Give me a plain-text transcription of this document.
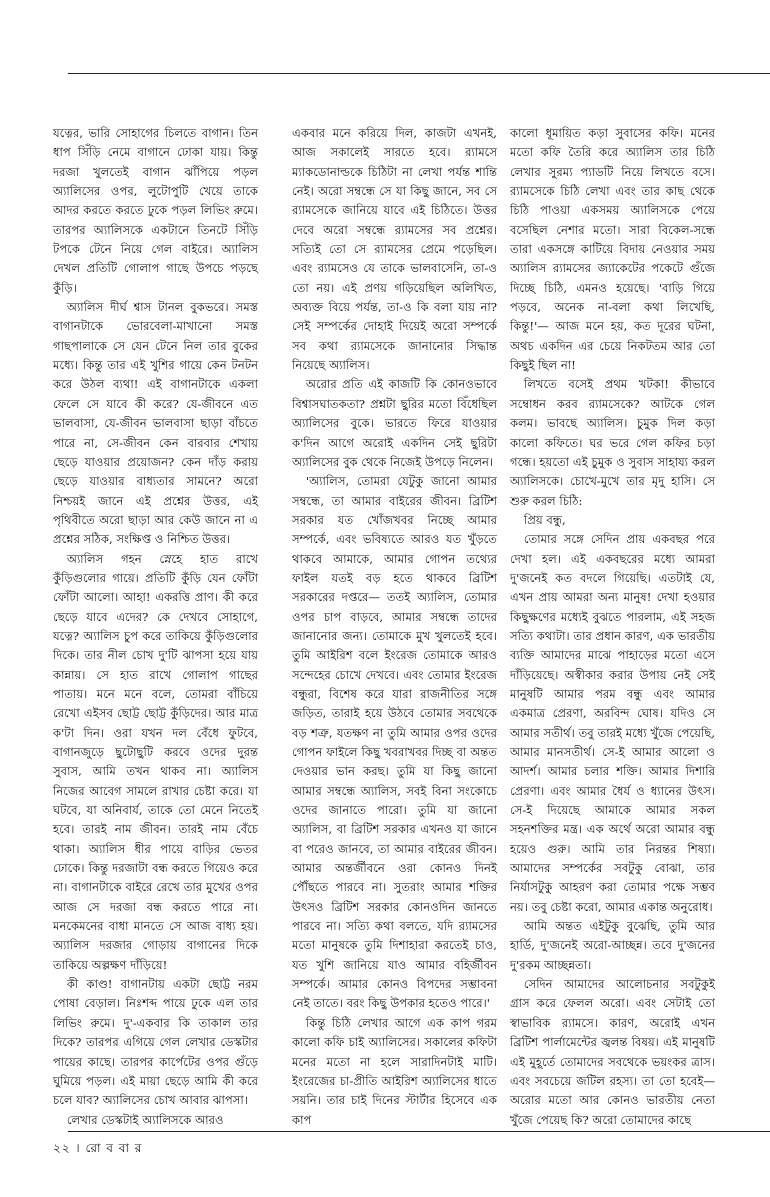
যত্নের, ভারি সোহাগের চিলতে বাগান। তিন ধাপ সিঁড়ি নেমে বাগানে ঢোকা যায়। কিন্তু দরজা খুলতেই বাগান ঝাঁপিয়ে পড়ল অ্যালিসের ওপর, লুটোপুটি খেয়ে তাকে আদর করতে করতে ঢুকে পড়ল লিভিং রুমে। তারপর অ্যালিসকে একটানে তিনটে সিঁড়ি টপকে টেনে নিয়ে গেল বাইরে। অ্যালিস দেখল প্রতিটি গোলাপ গাছে উপচে পড়ছে কুঁড়ি।

অ্যালিস দীর্ঘ শ্বাস টানল বুকভরে। সমস্ত বাগানটাকে ভোরবেলা-মাখানো সমস্ত গাছপালাকে সে যেন টেনে নিল তার বুকের মধ্যে। কিন্তু তার এই খুশির গায়ে কেন টনটন করে উঠল ব্যথা! এই বাগানটাকে একলা ফেলে সে যাবে কী করে? যে-জীবনে এত ভালবাসা, যে-জীবন ভালবাসা ছাড়া বাঁচতে পারে না, সে-জীবন কেন বারবার শেখায় ছেড়ে যাওয়ার প্রয়োজন? কেন দাঁড় করায় ছেড়ে যাওয়ার বাধ্যতার সামনে? অরো নিশ্চয়ই জানে এই প্রশ্নের উত্তর, এই পৃথিবীতে অরো ছাড়া আর কেউ জানে না এ প্রশ্নের সঠিক, সংক্ষিপ্ত ও নিশ্চিত উত্তর।

অ্যালিস গহন স্নেহে হাত রাখে কুঁড়িগুলোর গায়ে। প্রতিটি কুঁড়ি যেন ফোঁটা ফোঁটা আলো। আহা! একরত্তি প্রাণ। কী করে ছেড়ে যাবে এদের? কে দেখবে সোহাগে, যত্নে? অ্যালিস চুপ করে তাকিয়ে কুঁড়িগুলোর দিকে। তার নীল চোখ দু'টি ঝাপসা হয়ে যায় কান্নায়। সে হাত রাখে গোলাপ গাছের পাতায়। মনে মনে বলে, তোমরা বাঁচিয়ে রেখো এইসব ছোট্ট ছোট্ট কুঁড়িদের। আর মাত্র ক'টা দিন। ওরা যখন দল বেঁধে ফুটবে, বাগানজুড়ে ছুটোছুটি করবে ওদের দুরন্ত সুবাস, আমি তখন থাকব না। অ্যালিস নিজের আবেগ সামলে রাখার চেষ্টা করে। যা ঘটবে, যা অনিবার্য, তাকে তো মেনে নিতেই হবে। তারই নাম জীবন। তারই নাম বেঁচে থাকা। অ্যালিস ধীর পায়ে বাড়ির ভেতর ঢোকে। কিন্তু দরজাটা বন্ধ করতে গিয়েও করে না। বাগানটাকে বাইরে রেখে তার মুখের ওপর আজ সে দরজা বন্ধ করতে পারে না। মনকেমনের বাধা মানতে সে আজ বাধ্য হয়। অ্যালিস দরজার গোড়ায় বাগানের দিকে তাকিয়ে অল্পক্ষণ দাঁড়িয়ে!

কী কাণ্ড! বাগানটায় একটা ছোট্ট নরম পোষা বেড়াল। নিঃশব্দ পায়ে ঢুকে এল তার লিভিং রুমে। দু'-একবার কি তাকাল তার দিকে? তারপর এগিয়ে গেল লেখার ডেস্কটার পায়ের কাছে। তারপর কার্পেটের ওপর গুঁড়ে ঘুমিয়ে পড়ল। এই মায়া ছেড়ে আমি কী করে চলে যাব? অ্যালিসের চোখ আবার ঝাপসা।

লেখার ডেস্কটাই অ্যালিসকে আরও

একবার মনে করিয়ে দিল, কাজটা এখনই, আজ সকালেই সারতে হবে। র‍্যামসে ম্যাকডোনাল্ডকে চিঠিটা না লেখা পর্যন্ত শান্তি নেই। অরো সম্বন্ধে সে যা কিছু জানে, সব সে র‍্যামসেকে জানিয়ে যাবে এই চিঠিতে। উত্তর দেবে অরো সম্বন্ধে র‍্যামসের সব প্রশ্নের। সত্যিই তো সে র‍্যামসের প্রেমে পড়েছিল। এবং র‍্যামসেও যে তাকে ভালবাসেনি, তা-ও তো নয়। এই প্রণয় গড়িয়েছিল অলিখিত, অব্যক্ত বিয়ে পর্যন্ত, তা-ও কি বলা যায় না? সেই সম্পর্কের দোহাই দিয়েই অরো সম্পর্কে সব কথা র‍্যামসেকে জানানোর সিদ্ধান্ত নিয়েছে অ্যালিস।

অরোর প্রতি এই কাজটি কি কোনওভাবে বিশ্বাসঘাতকতা? প্রশ্নটা ছুরির মতো বিঁধেছিল অ্যালিসের বুকে। ভারতে ফিরে যাওয়ার ক'দিন আগে অরোই একদিন সেই ছুরিটা অ্যালিসের বুক থেকে নিজেই উপড়ে নিলেন।

'অ্যালিস, তোমরা যেটুকু জানো আমার সম্বন্ধে, তা আমার বাইরের জীবন। ব্রিটিশ সরকার যত খোঁজখবর নিচ্ছে আমার সম্পর্কে, এবং ভবিষ্যতে আরও যত খুঁড়তে থাকবে আমাকে, আমার গোপন তথ্যের ফাইল যতই বড় হতে থাকবে ব্রিটিশ সরকারের দপ্তরে— ততই অ্যালিস, তোমার ওপর চাপ বাড়বে, আমার সম্বন্ধে তাদের জানানোর জন্য। তোমাকে মুখ খুলতেই হবে। তুমি আইরিশ বলে ইংরেজ তোমাকে আরও সন্দেহের চোখে দেখবে। এবং তোমার ইংরেজ বন্ধুরা, বিশেষ করে যারা রাজনীতির সঙ্গে জড়িত, তারাই হয়ে উঠবে তোমার সবথেকে বড় শত্রু, যতক্ষণ না তুমি আমার ওপর ওদের গোপন ফাইলে কিছু খবরাখবর দিচ্ছ বা অন্তত দেওয়ার ভান করছ। তুমি যা কিছু জানো আমার সম্বন্ধে অ্যালিস, সবই বিনা সংকোচে ওদের জানাতে পারো। তুমি যা জানো অ্যালিস, বা ব্রিটিশ সরকার এখনও যা জানে বা পরেও জানবে, তা আমার বাইরের জীবন। আমার অন্তর্জীবনে ওরা কোনও দিনই পৌঁছতে পারবে না। সুতরাং আমার শক্তির উৎসও ব্রিটিশ সরকার কোনওদিন জানতে পারবে না। সত্যি কথা বলতে, যদি র‍্যামসের মতো মানুষকে তুমি দিশাহারা করতেই চাও, যত খুশি জানিয়ে যাও আমার বহির্জীবন সম্পর্কে। আমার কোনও বিপদের সম্ভাবনা নেই তাতে। বরং কিছু উপকার হতেও পারে।'

কিন্তু চিঠি লেখার আগে এক কাপ গরম কালো কফি চাই অ্যালিসের। সকালের কফিটা মনের মতো না হলে সারাদিনটাই মাটি। ইংরেজের চা-প্রীতি আইরিশ অ্যালিসের ধাতে সয়নি। তার চাই দিনের স্টার্টার হিসেবে এক কাপ

কালো ধূমায়িত কড়া সুবাসের কফি। মনের মতো কফি তৈরি করে অ্যালিস তার চিঠি লেখার সুরম্য প্যাডটি নিয়ে লিখতে বসে। র‍্যামসেকে চিঠি লেখা এবং তার কাছ থেকে চিঠি পাওয়া একসময় অ্যালিসকে পেয়ে বসেছিল নেশার মতো। সারা বিকেল-সন্ধে তারা একসঙ্গে কাটিয়ে বিদায় নেওয়ার সময় অ্যালিস র‍্যামসের জ্যাকেটের পকেটে গুঁজে দিচ্ছে চিঠি, এমনও হয়েছে। 'বাড়ি গিয়ে পড়বে, অনেক না-বলা কথা লিখেছি, কিন্তু!'— আজ মনে হয়, কত দূরের ঘটনা, অথচ একদিন এর চেয়ে নিকটতম আর তো কিছুই ছিল না!

লিখতে বসেই প্রথম খটকা! কীভাবে সম্বোধন করব র‍্যামসেকে? আটকে গেল কলম। ভাবছে অ্যালিস। চুমুক দিল কড়া কালো কফিতে। ঘর ভরে গেল কফির চড়া গন্ধে। হয়তো এই চুমুক ও সুবাস সাহায্য করল অ্যালিসকে। চোখে-মুখে তার মৃদু হাসি। সে শুরু করল চিঠি:

প্রিয় বন্ধু,

তোমার সঙ্গে সেদিন প্রায় একবছর পরে দেখা হল। এই একবছরের মধ্যে আমরা দু'জনেই কত বদলে গিয়েছি। এতটাই যে, এখন প্রায় আমরা অন্য মানুষ! দেখা হওয়ার কিছুক্ষণের মধ্যেই বুঝতে পারলাম, এই সহজ সত্যি কথাটা। তার প্রধান কারণ, এক ভারতীয় ব্যক্তি আমাদের মাঝে পাহাড়ের মতো এসে দাঁড়িয়েছে। অস্বীকার করার উপায় নেই সেই মানুষটি আমার পরম বন্ধু এবং আমার একমাত্র প্রেরণা, অরবিন্দ ঘোষ। যদিও সে আমার সতীর্থ। তবু তারই মধ্যে খুঁজে পেয়েছি, আমার মানসতীর্থ। সে-ই আমার আলো ও আদর্শ। আমার চলার শক্তি। আমার দিশারি প্রেরণা। এবং আমার ধৈর্য ও ধ্যানের উৎস। সে-ই দিয়েছে আমাকে আমার সকল সহনশক্তির মন্ত্র। এক অর্থে অরো আমার বন্ধু হয়েও গুরু। আমি তার নিরন্তর শিষ্যা। আমাদের সম্পর্কের সবটুকু বোঝা, তার নির্যাসটুকু আহরণ করা তোমার পক্ষে সম্ভব নয়। তবু চেষ্টা করো, আমার একান্ত অনুরোধ।

আমি অন্তত এইটুকু বুঝেছি, তুমি আর হার্ডি, দু'জনেই অরো-আচ্ছন্ন। তবে দু'জনের দু'রকম আচ্ছন্নতা।

সেদিন আমাদের আলোচনার সবটুকুই গ্রাস করে ফেলল অরো। এবং সেটাই তো স্বাভাবিক র‍্যামসে। কারণ, অরোই এখন ব্রিটিশ পার্লামেন্টের জ্বলন্ত বিষয়। এই মানুষটি এই মুহূর্তে তোমাদের সবথেকে ভয়ংকর ত্রাস। এবং সবচেয়ে জটিল রহস্য। তা তো হবেই— অরোর মতো আর কোনও ভারতীয় নেতা খুঁজে পেয়েছ কি? অরো তোমাদের কাছে

২২ । রো ব বা র
